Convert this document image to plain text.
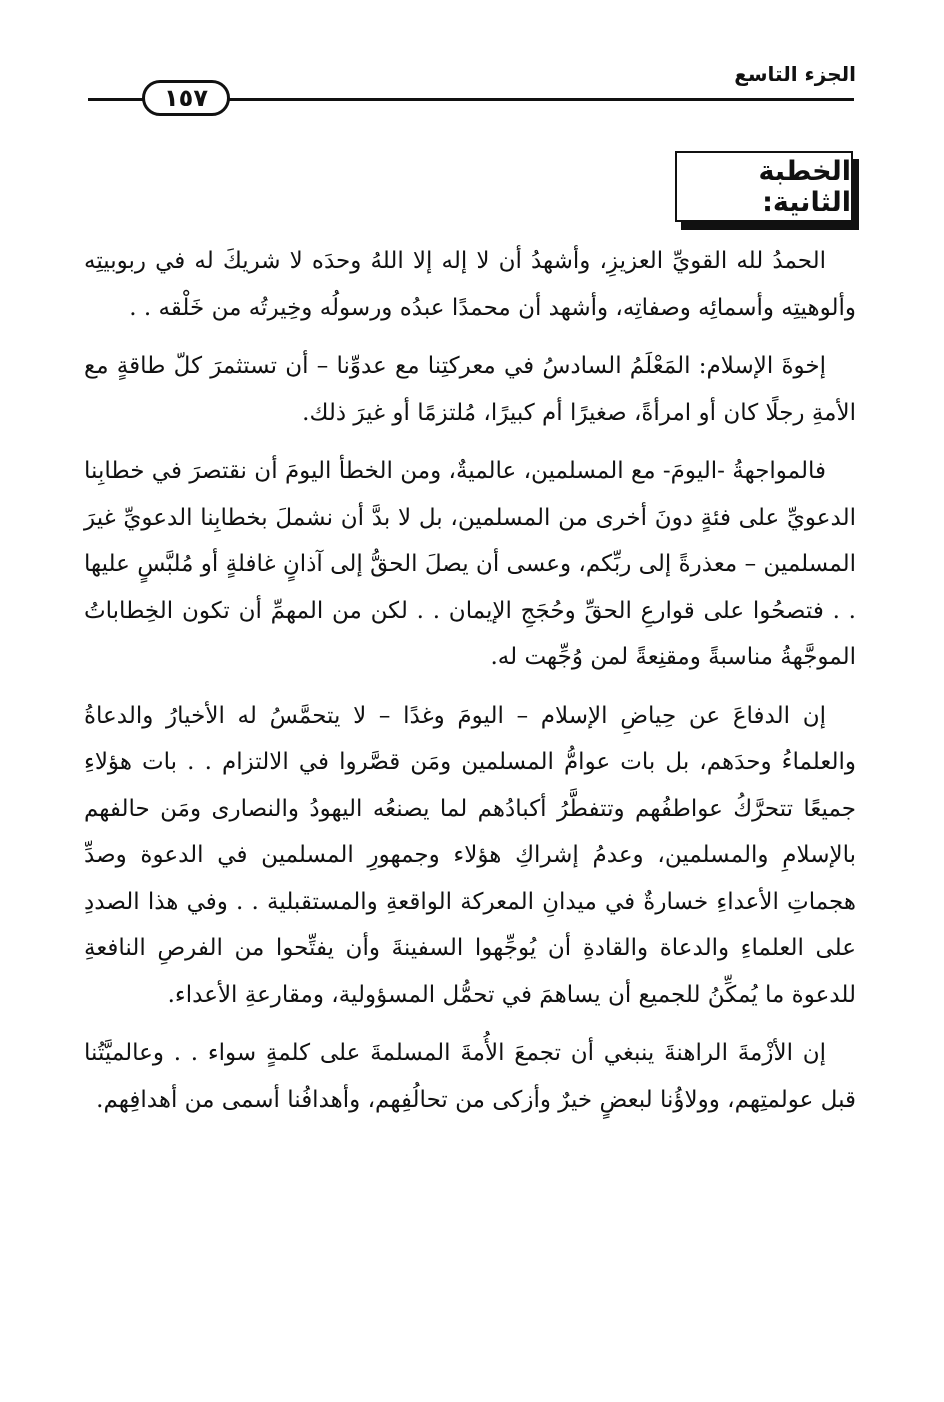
الجزء التاسع
١٥٧
الخطبة الثانية:

الحمدُ لله القويِّ العزيزِ، وأشهدُ أن لا إله إلا اللهُ وحدَه لا شريكَ له في ربوبيتِه وألوهيتِه وأسمائِه وصفاتِه، وأشهد أن محمدًا عبدُه ورسولُه وخِيرتُه من خَلْقه . .

إخوةَ الإسلام: المَعْلَمُ السادسُ في معركتِنا مع عدوِّنا – أن تستثمرَ كلّ طاقةٍ مع الأمةِ رجلًا كان أو امرأةً، صغيرًا أم كبيرًا، مُلتزمًا أو غيرَ ذلك.

فالمواجهةُ -اليومَ- مع المسلمين، عالميةٌ، ومن الخطأ اليومَ أن نقتصرَ في خطابِنا الدعويِّ على فئةٍ دونَ أخرى من المسلمين، بل لا بدَّ أن نشملَ بخطابِنا الدعويِّ غيرَ المسلمين – معذرةً إلى ربِّكم، وعسى أن يصلَ الحقُّ إلى آذانٍ غافلةٍ أو مُلبَّسٍ عليها . . فتصحُوا على قوارعِ الحقِّ وحُجَجِ الإيمان . . لكن من المهمِّ أن تكون الخِطاباتُ الموجَّهةُ مناسبةً ومقنِعةً لمن وُجِّهت له.

إن الدفاعَ عن حِياضِ الإسلام – اليومَ وغدًا – لا يتحمَّسُ له الأخيارُ والدعاةُ والعلماءُ وحدَهم، بل بات عوامُّ المسلمين ومَن قصَّروا في الالتزام . . بات هؤلاءِ جميعًا تتحرَّكُ عواطفُهم وتتفطَّرُ أكبادُهم لما يصنعُه اليهودُ والنصارى ومَن حالفهم بالإسلامِ والمسلمين، وعدمُ إشراكِ هؤلاء وجمهورِ المسلمين في الدعوة وصدِّ هجماتِ الأعداءِ خسارةٌ في ميدانِ المعركة الواقعةِ والمستقبلية . . وفي هذا الصددِ على العلماءِ والدعاة والقادةِ أن يُوجِّهوا السفينةَ وأن يفتِّحوا من الفرصِ النافعةِ للدعوة ما يُمكِّنُ للجميع أن يساهمَ في تحمُّل المسؤولية، ومقارعةِ الأعداء.

إن الأزْمةَ الراهنةَ ينبغي أن تجمعَ الأُمةَ المسلمةَ على كلمةٍ سواء . . وعالميَّتُنا قبل عولمتِهم، وولاؤُنا لبعضٍ خيرٌ وأزكى من تحالُفِهم، وأهدافُنا أسمى من أهدافِهم.
